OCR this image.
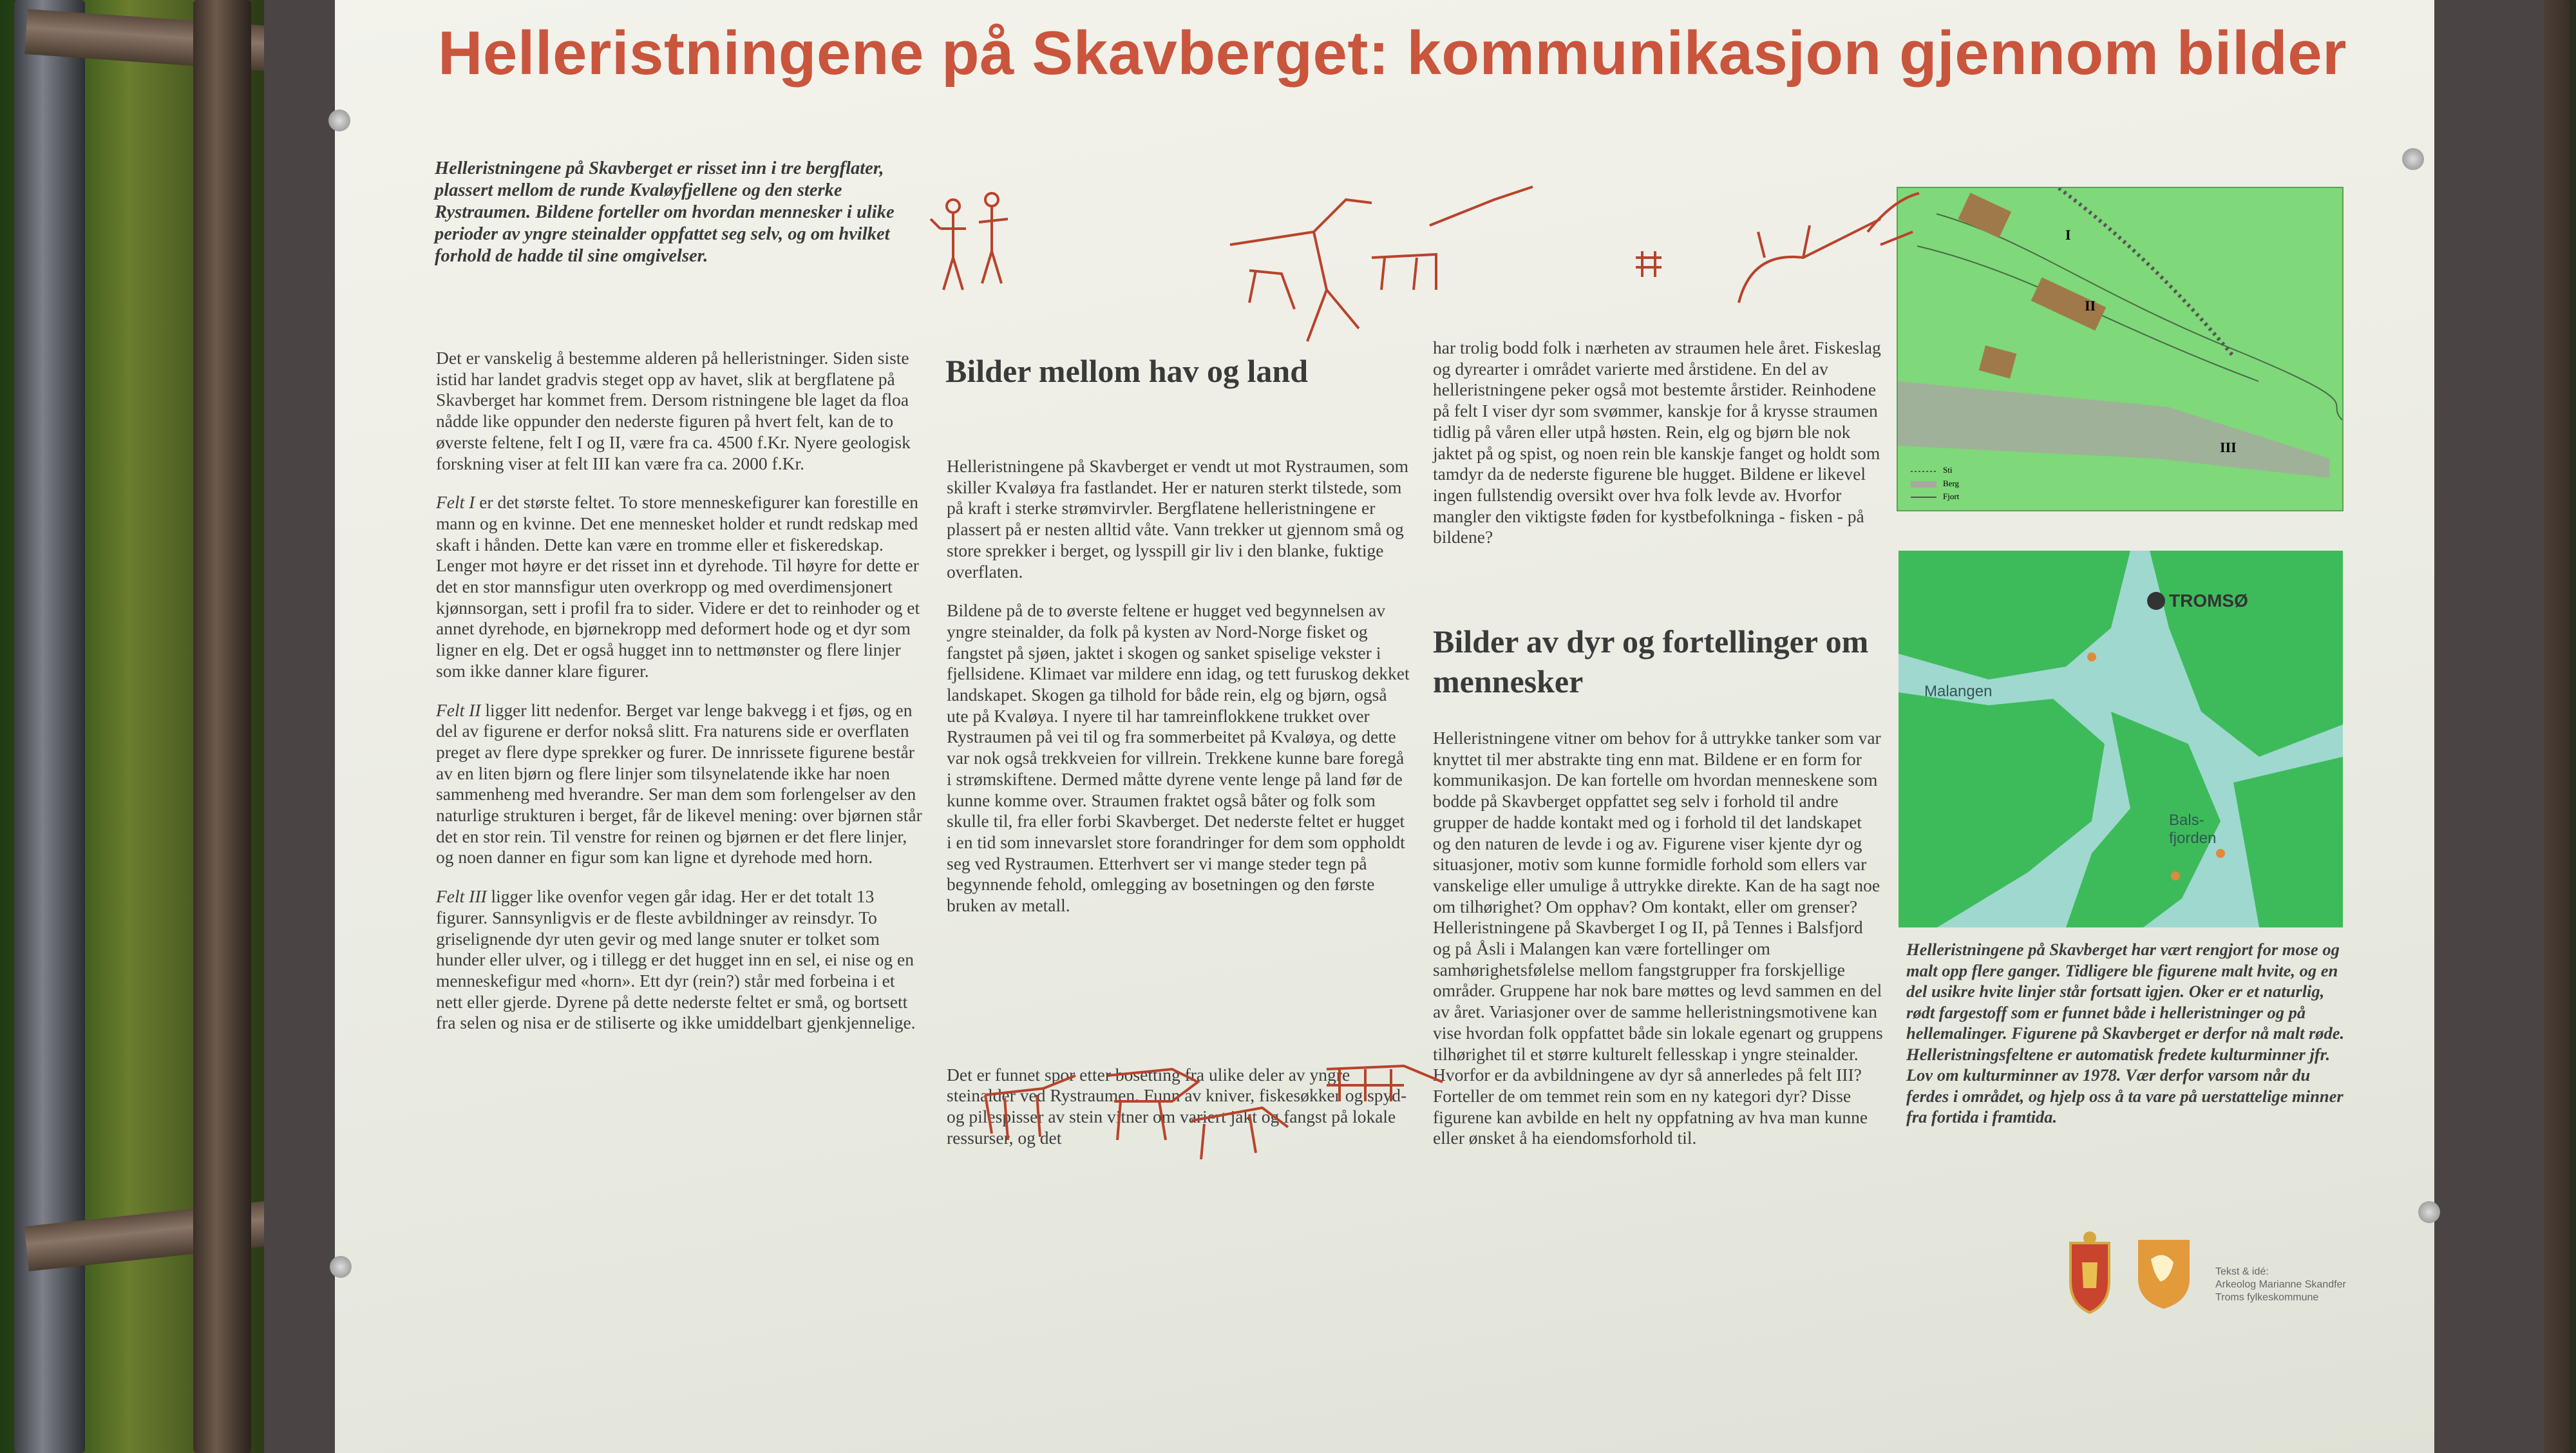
Helleristningene på Skavberget: kommunikasjon gjennom bilder
Helleristningene på Skavberget er risset inn i tre bergflater, plassert mellom de runde Kvaløyfjellene og den sterke Rystraumen. Bildene forteller om hvordan mennesker i ulike perioder av yngre steinalder oppfattet seg selv, og om hvilket forhold de hadde til sine omgivelser.

Det er vanskelig å bestemme alderen på helleristninger. Siden siste istid har landet gradvis steget opp av havet, slik at bergflatene på Skavberget har kommet frem. Dersom ristningene ble laget da floa nådde like oppunder den nederste figuren på hvert felt, kan de to øverste feltene, felt I og II, være fra ca. 4500 f.Kr. Nyere geologisk forskning viser at felt III kan være fra ca. 2000 f.Kr.

Felt I er det største feltet. To store menneskefigurer kan forestille en mann og en kvinne. Det ene mennesket holder et rundt redskap med skaft i hånden. Dette kan være en tromme eller et fiskeredskap. Lenger mot høyre er det risset inn et dyrehode. Til høyre for dette er det en stor mannsfigur uten overkropp og med overdimensjonert kjønnsorgan, sett i profil fra to sider. Videre er det to reinhoder og et annet dyrehode, en bjørnekropp med deformert hode og et dyr som ligner en elg. Det er også hugget inn to nettmønster og flere linjer som ikke danner klare figurer.

Felt II ligger litt nedenfor. Berget var lenge bakvegg i et fjøs, og en del av figurene er derfor nokså slitt. Fra naturens side er overflaten preget av flere dype sprekker og furer. De innrissete figurene består av en liten bjørn og flere linjer som tilsynelatende ikke har noen sammenheng med hverandre. Ser man dem som forlengelser av den naturlige strukturen i berget, får de likevel mening: over bjørnen står det en stor rein. Til venstre for reinen og bjørnen er det flere linjer, og noen danner en figur som kan ligne et dyrehode med horn.

Felt III ligger like ovenfor vegen går idag. Her er det totalt 13 figurer. Sannsynligvis er de fleste avbildninger av reinsdyr. To griselignende dyr uten gevir og med lange snuter er tolket som hunder eller ulver, og i tillegg er det hugget inn en sel, ei nise og en menneskefigur med «horn». Ett dyr (rein?) står med forbeina i et nett eller gjerde. Dyrene på dette nederste feltet er små, og bortsett fra selen og nisa er de stiliserte og ikke umiddelbart gjenkjennelige.

Bilder mellom hav og land

Helleristningene på Skavberget er vendt ut mot Rystraumen, som skiller Kvaløya fra fastlandet. Her er naturen sterkt tilstede, som på kraft i sterke strømvirvler. Bergflatene helleristningene er plassert på er nesten alltid våte. Vann trekker ut gjennom små og store sprekker i berget, og lysspill gir liv i den blanke, fuktige overflaten.

Bildene på de to øverste feltene er hugget ved begynnelsen av yngre steinalder, da folk på kysten av Nord-Norge fisket og fangstet på sjøen, jaktet i skogen og sanket spiselige vekster i fjellsidene. Klimaet var mildere enn idag, og tett furuskog dekket landskapet. Skogen ga tilhold for både rein, elg og bjørn, også ute på Kvaløya. I nyere til har tamreinflokkene trukket over Rystraumen på vei til og fra sommerbeitet på Kvaløya, og dette var nok også trekkveien for villrein. Trekkene kunne bare foregå i strømskiftene. Dermed måtte dyrene vente lenge på land før de kunne komme over. Straumen fraktet også båter og folk som skulle til, fra eller forbi Skavberget. Det nederste feltet er hugget i en tid som innevarslet store forandringer for dem som oppholdt seg ved Rystraumen. Etterhvert ser vi mange steder tegn på begynnende fehold, omlegging av bosetningen og den første bruken av metall.

Det er funnet spor etter bosetting fra ulike deler av yngre steinalder ved Rystraumen. Funn av kniver, fiskesøkker og spyd- og pilespisser av stein vitner om variert jakt og fangst på lokale ressurser, og det

har trolig bodd folk i nærheten av straumen hele året. Fiskeslag og dyrearter i området varierte med årstidene. En del av helleristningene peker også mot bestemte årstider. Reinhodene på felt I viser dyr som svømmer, kanskje for å krysse straumen tidlig på våren eller utpå høsten. Rein, elg og bjørn ble nok jaktet på og spist, og noen rein ble kanskje fanget og holdt som tamdyr da de nederste figurene ble hugget. Bildene er likevel ingen fullstendig oversikt over hva folk levde av. Hvorfor mangler den viktigste føden for kystbefolkninga - fisken - på bildene?

Bilder av dyr og fortellinger om mennesker

Helleristningene vitner om behov for å uttrykke tanker som var knyttet til mer abstrakte ting enn mat. Bildene er en form for kommunikasjon. De kan fortelle om hvordan menneskene som bodde på Skavberget oppfattet seg selv i forhold til andre grupper de hadde kontakt med og i forhold til det landskapet og den naturen de levde i og av. Figurene viser kjente dyr og situasjoner, motiv som kunne formidle forhold som ellers var vanskelige eller umulige å uttrykke direkte. Kan de ha sagt noe om tilhørighet? Om opphav? Om kontakt, eller om grenser? Helleristningene på Skavberget I og II, på Tennes i Balsfjord og på Åsli i Malangen kan være fortellinger om samhørighetsfølelse mellom fangstgrupper fra forskjellige områder. Gruppene har nok bare møttes og levd sammen en del av året. Variasjoner over de samme helleristningsmotivene kan vise hvordan folk oppfattet både sin lokale egenart og gruppens tilhørighet til et større kulturelt fellesskap i yngre steinalder. Hvorfor er da avbildningene av dyr så annerledes på felt III? Forteller de om temmet rein som en ny kategori dyr? Disse figurene kan avbilde en helt ny oppfatning av hva man kunne eller ønsket å ha eiendomsforhold til.

I
II
III
Sti
Berg
Fjort
TROMSØ
Malangen
Bals-fjorden
Helleristningene på Skavberget har vært rengjort for mose og malt opp flere ganger. Tidligere ble figurene malt hvite, og en del usikre hvite linjer står fortsatt igjen. Oker er et naturlig, rødt fargestoff som er funnet både i helleristninger og på hellemalinger. Figurene på Skavberget er derfor nå malt røde. Helleristningsfeltene er automatisk fredete kulturminner jfr. Lov om kulturminner av 1978. Vær derfor varsom når du ferdes i området, og hjelp oss å ta vare på uerstattelige minner fra fortida i framtida.
Tekst & idé:
Arkeolog Marianne Skandfer
Troms fylkeskommune
